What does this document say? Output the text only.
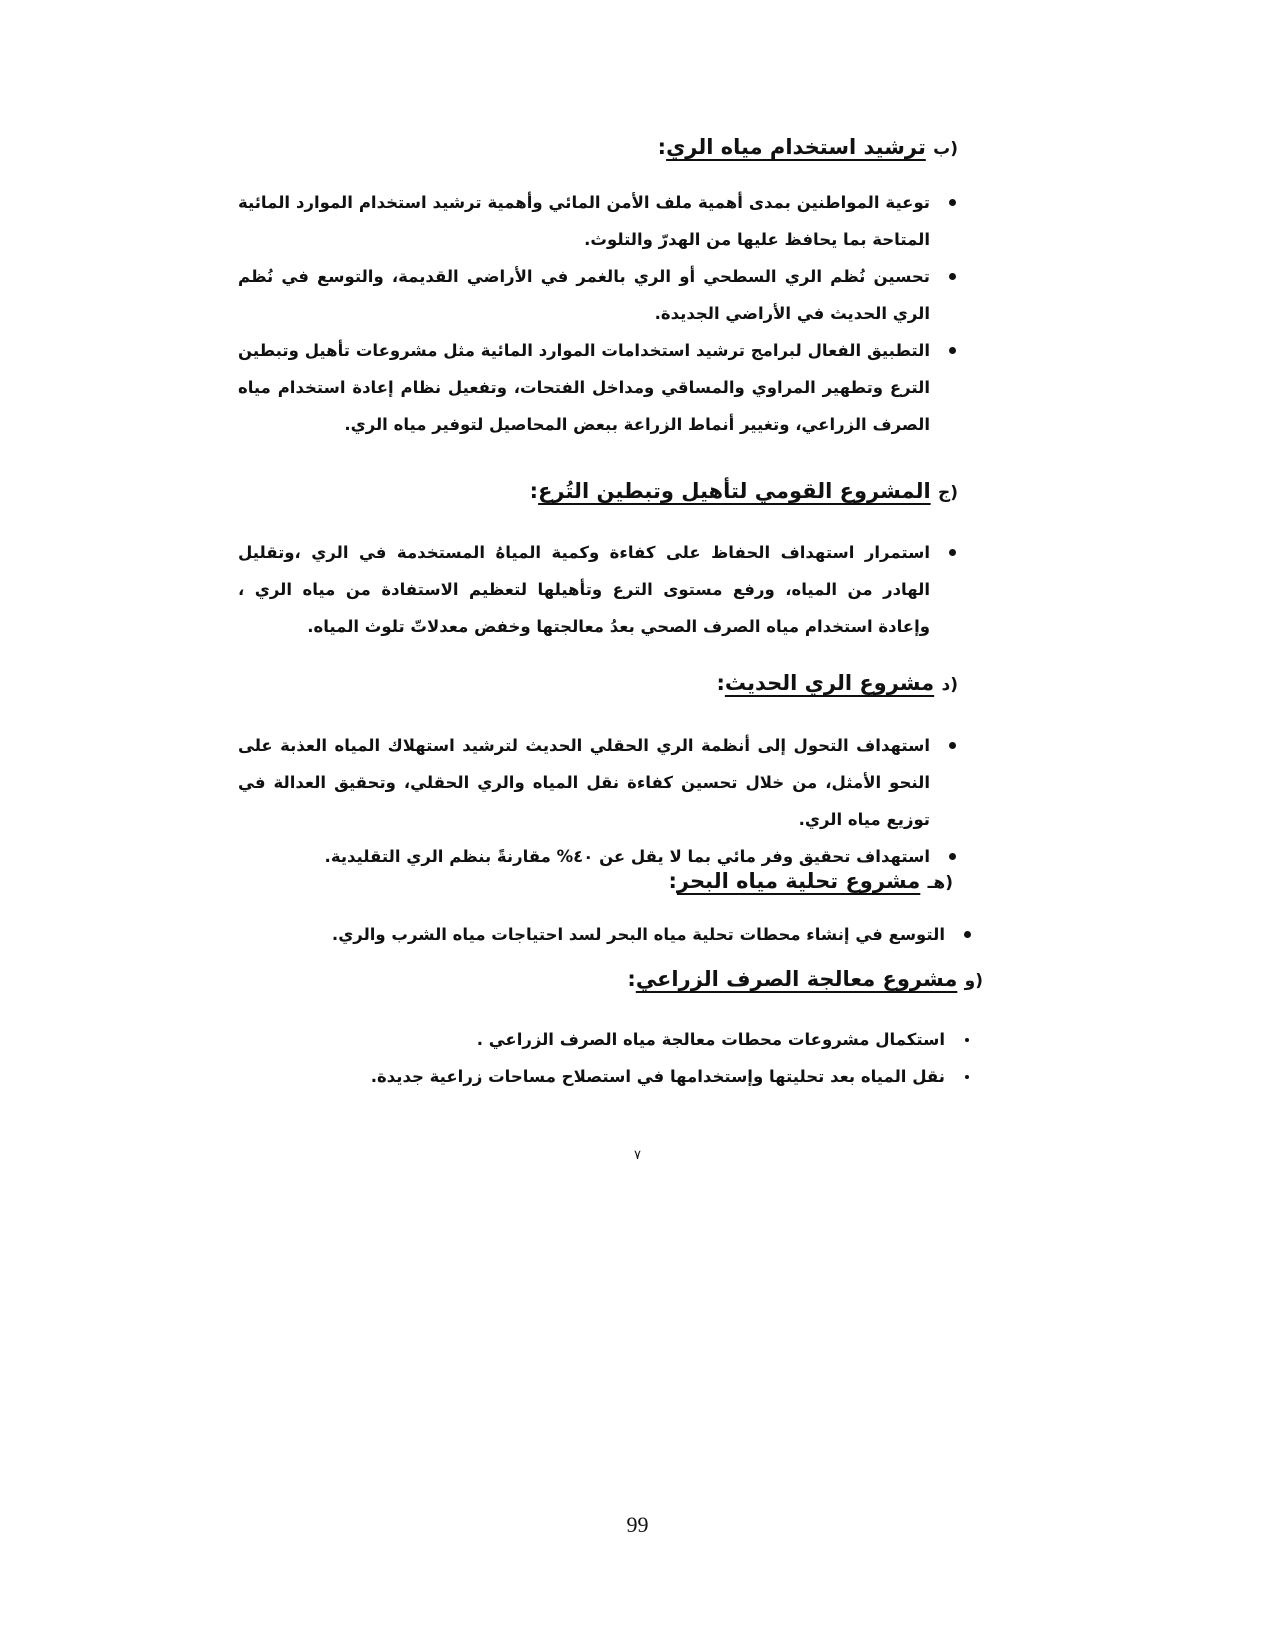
(ب ترشيد استخدام مياه الري:
توعية المواطنين بمدى أهمية ملف الأمن المائي وأهمية ترشيد استخدام الموارد المائية المتاحة بما يحافظ عليها من الهدرّ والتلوث.
تحسين نُظم الري السطحي أو الري بالغمر في الأراضي القديمة، والتوسع في نُظم الري الحديث في الأراضي الجديدة.
التطبيق الفعال لبرامج ترشيد استخدامات الموارد المائية مثل مشروعات تأهيل وتبطين الترع وتطهير المراوي والمساقي ومداخل الفتحات، وتفعيل نظام إعادة استخدام مياه الصرف الزراعي، وتغيير أنماط الزراعة ببعض المحاصيل لتوفير مياه الري.
(ج المشروع القومي لتأهيل وتبطين التُرع:
استمرار استهداف الحفاظ على كفاءة وكمية المياهُ المستخدمة في الري ،وتقليل الهادر من المياه، ورفع مستوى الترع وتأهيلها لتعظيم الاستفادة من مياه الري ، وإعادة استخدام مياه الصرف الصحي بعدُ معالجتها وخفض معدلاتّ تلوث المياه.
(د مشروع الري الحديث:
استهداف التحول إلى أنظمة الري الحقلي الحديث لترشيد استهلاك المياه العذبة على النحو الأمثل، من خلال تحسين كفاءة نقل المياه والري الحقلي، وتحقيق العدالة في توزيع مياه الري.
استهداف تحقيق وفر مائي بما لا يقل عن ٤٠% مقارنةً بنظم الري التقليدية.
(هـ مشروع تحلية مياه البحر:
التوسع في إنشاء محطات تحلية مياه البحر لسد احتياجات مياه الشرب والري.
(و مشروع معالجة الصرف الزراعي:
استكمال مشروعات محطات معالجة مياه الصرف الزراعي .
نقل المياه بعد تحليتها وإستخدامها في استصلاح مساحات زراعية جديدة.
٧
99
